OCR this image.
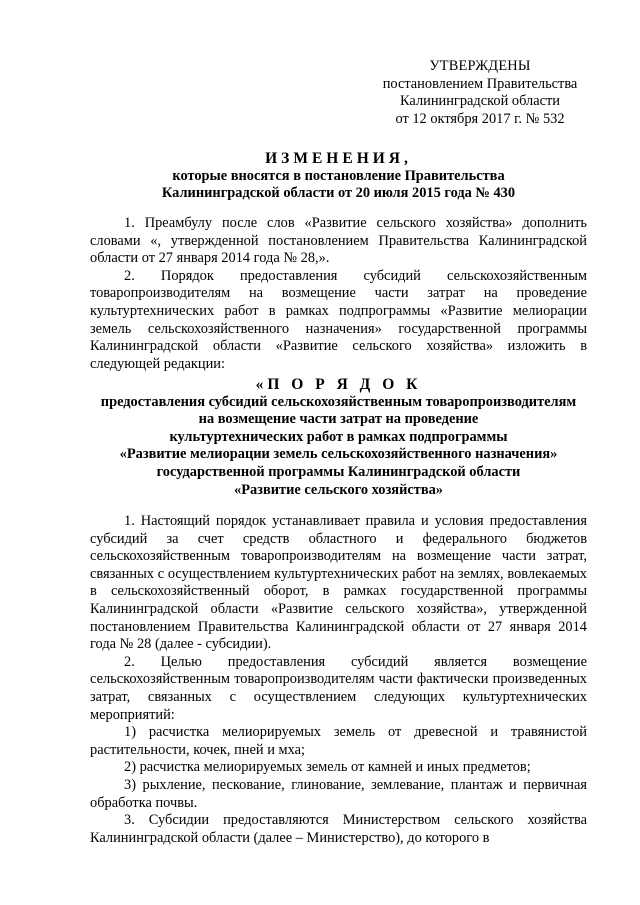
УТВЕРЖДЕНЫ
постановлением Правительства
Калининградской области
от 12 октября 2017 г. № 532
ИЗМЕНЕНИЯ,
которые вносятся в постановление Правительства
Калининградской области от 20 июля 2015 года № 430

1. Преамбулу после слов «Развитие сельского хозяйства» дополнить словами «, утвержденной постановлением Правительства Калининградской области от 27 января 2014 года № 28,».

2. Порядок предоставления субсидий сельскохозяйственным товаропроизводителям на возмещение части затрат на проведение культуртехнических работ в рамках подпрограммы «Развитие мелиорации земель сельскохозяйственного назначения» государственной программы Калининградской области «Развитие сельского хозяйства» изложить в следующей редакции:

«П О Р Я Д О К
предоставления субсидий сельскохозяйственным товаропроизводителям
на возмещение части затрат на проведение
культуртехнических работ в рамках подпрограммы
«Развитие мелиорации земель сельскохозяйственного назначения»
государственной программы Калининградской области
«Развитие сельского хозяйства»

1. Настоящий порядок устанавливает правила и условия предоставления субсидий за счет средств областного и федерального бюджетов сельскохозяйственным товаропроизводителям на возмещение части затрат, связанных с осуществлением культуртехнических работ на землях, вовлекаемых в сельскохозяйственный оборот, в рамках государственной программы Калининградской области «Развитие сельского хозяйства», утвержденной постановлением Правительства Калининградской области от 27 января 2014 года № 28 (далее - субсидии).

2. Целью предоставления субсидий является возмещение сельскохозяйственным товаропроизводителям части фактически произведенных затрат, связанных с осуществлением следующих культуртехнических мероприятий:

1) расчистка мелиорируемых земель от древесной и травянистой растительности, кочек, пней и мха;

2) расчистка мелиорируемых земель от камней и иных предметов;

3) рыхление, пескование, глинование, землевание, плантаж и первичная обработка почвы.

3. Субсидии предоставляются Министерством сельского хозяйства Калининградской области (далее – Министерство), до которого в
